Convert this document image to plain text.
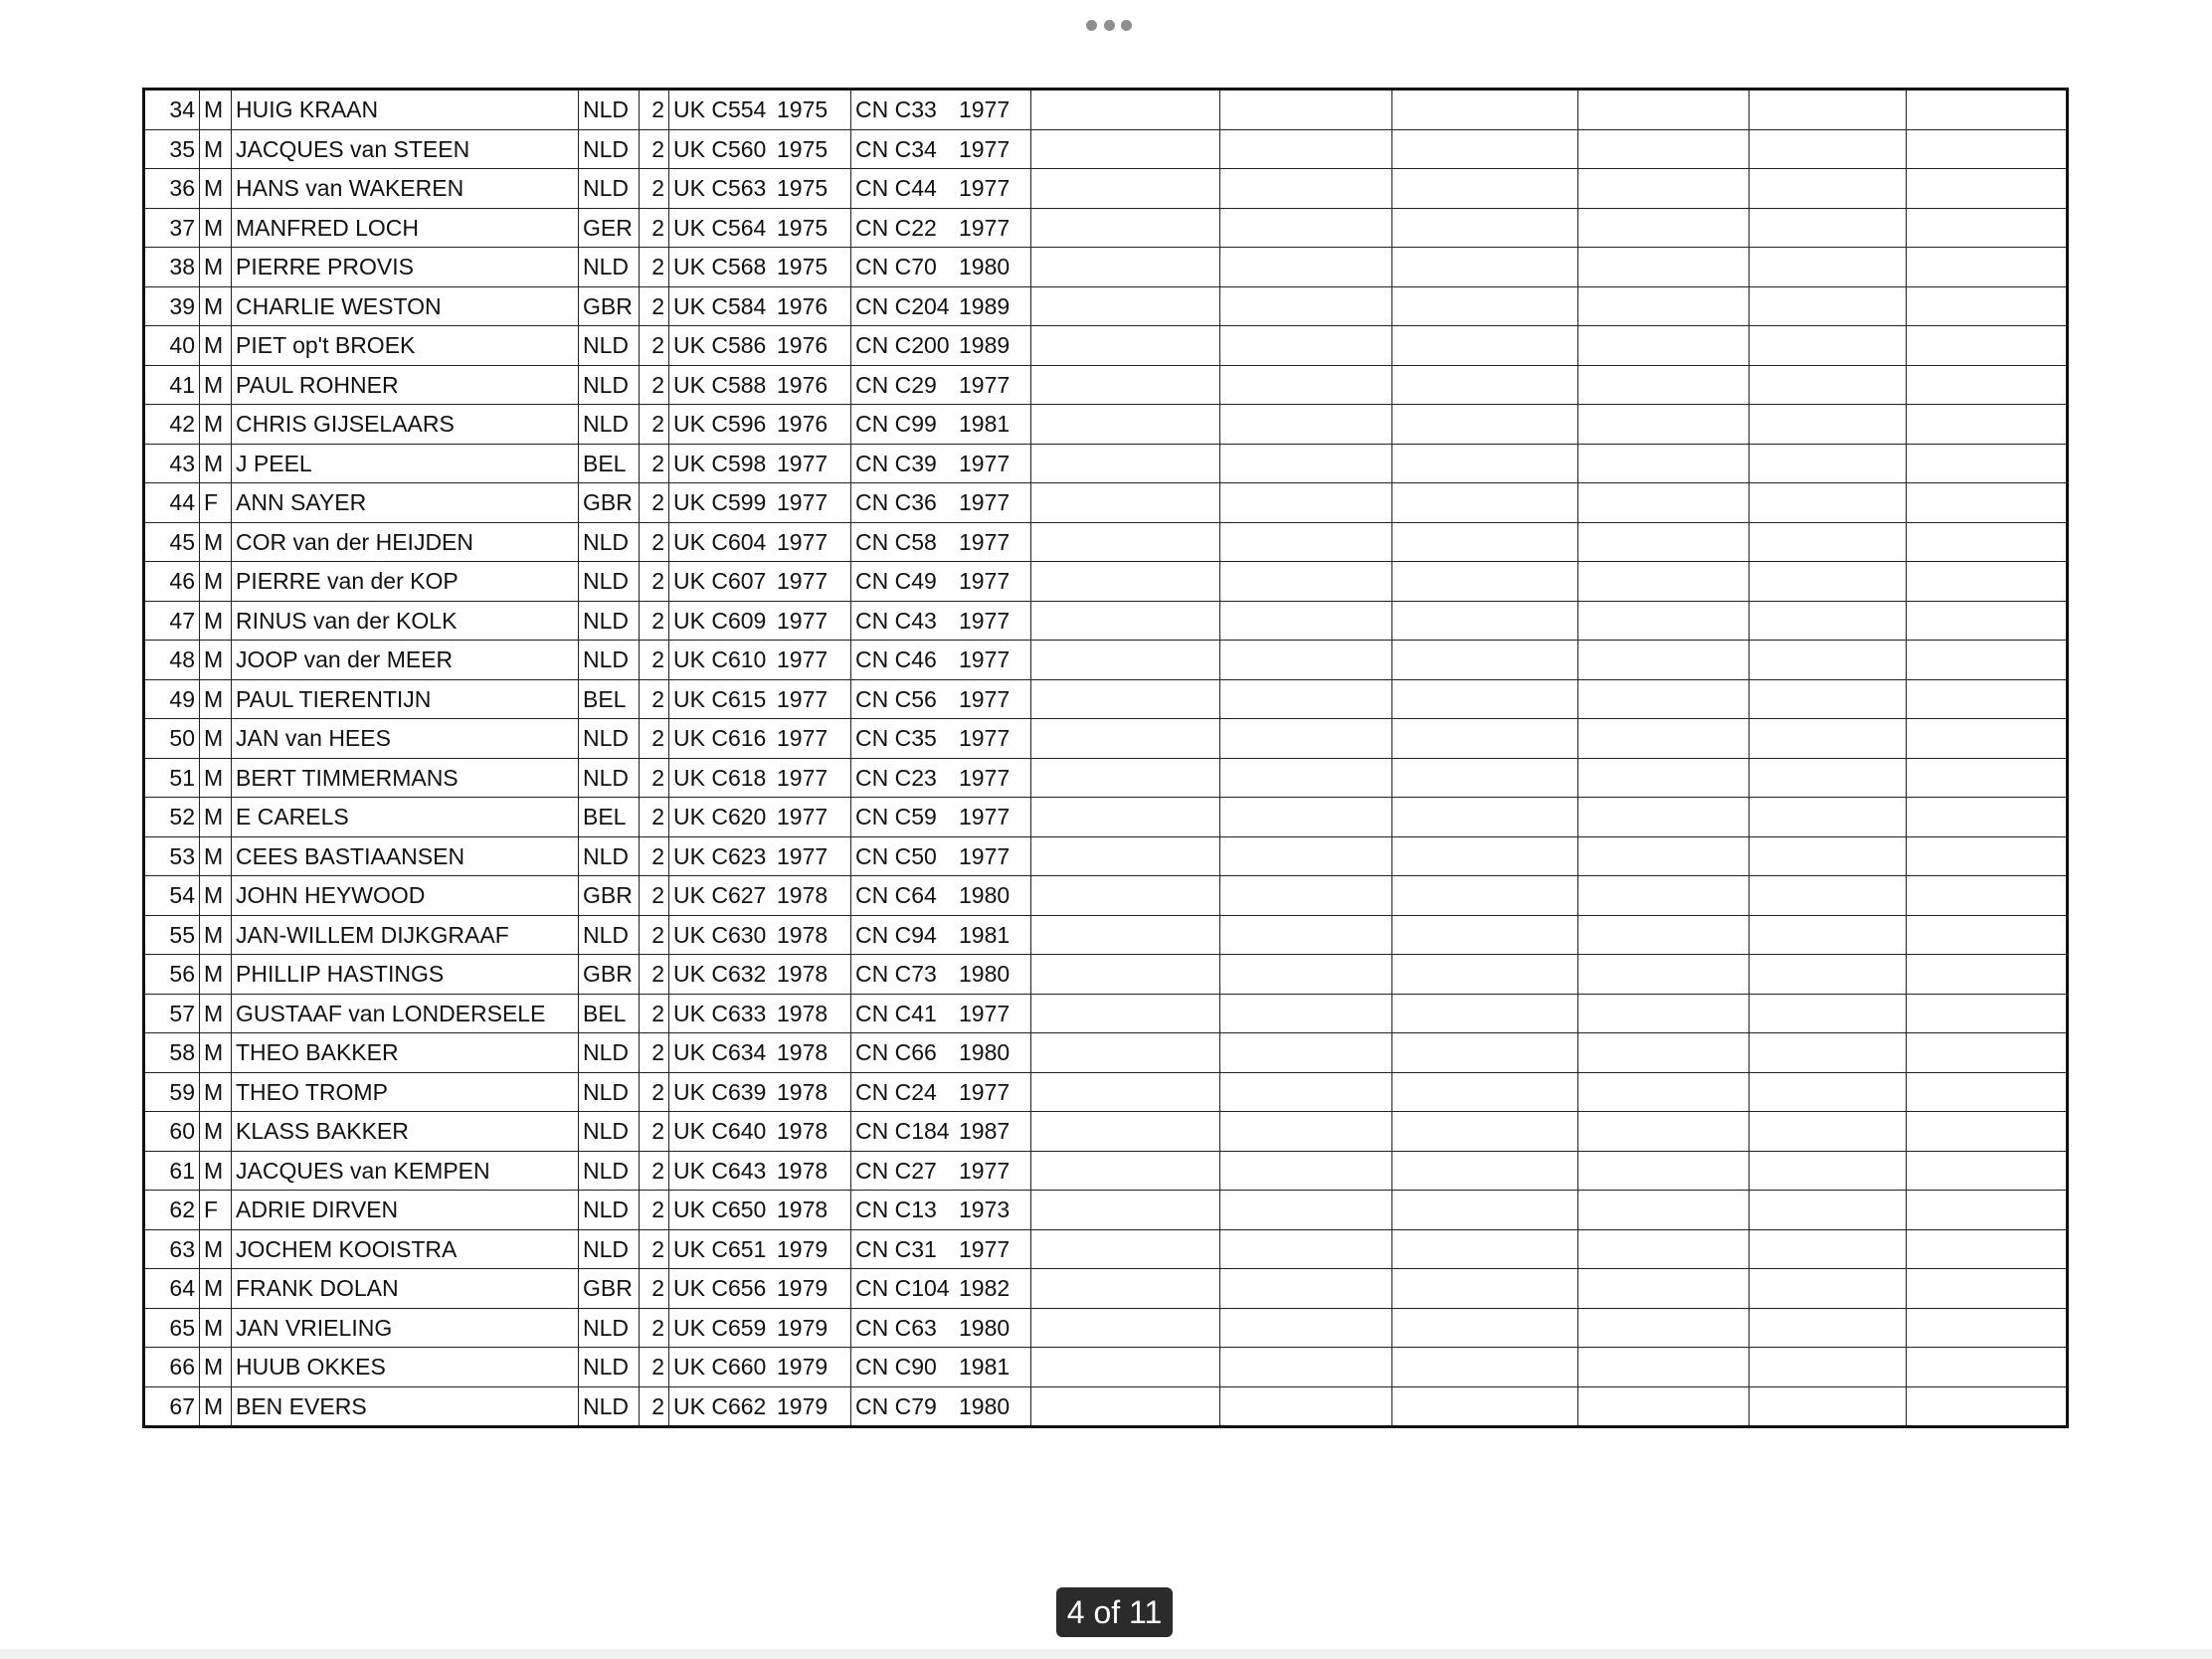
34	M	HUIG KRAAN	NLD	2	UK C554 1975	CN C33 1977						
35	M	JACQUES van STEEN	NLD	2	UK C560 1975	CN C34 1977						
36	M	HANS van WAKEREN	NLD	2	UK C563 1975	CN C44 1977						
37	M	MANFRED LOCH	GER	2	UK C564 1975	CN C22 1977						
38	M	PIERRE PROVIS	NLD	2	UK C568 1975	CN C70 1980						
39	M	CHARLIE WESTON	GBR	2	UK C584 1976	CN C204 1989						
40	M	PIET op't BROEK	NLD	2	UK C586 1976	CN C200 1989						
41	M	PAUL ROHNER	NLD	2	UK C588 1976	CN C29 1977						
42	M	CHRIS GIJSELAARS	NLD	2	UK C596 1976	CN C99 1981						
43	M	J PEEL	BEL	2	UK C598 1977	CN C39 1977						
44	F	ANN SAYER	GBR	2	UK C599 1977	CN C36 1977						
45	M	COR van der HEIJDEN	NLD	2	UK C604 1977	CN C58 1977						
46	M	PIERRE van der KOP	NLD	2	UK C607 1977	CN C49 1977						
47	M	RINUS van der KOLK	NLD	2	UK C609 1977	CN C43 1977						
48	M	JOOP van der MEER	NLD	2	UK C610 1977	CN C46 1977						
49	M	PAUL TIERENTIJN	BEL	2	UK C615 1977	CN C56 1977						
50	M	JAN van HEES	NLD	2	UK C616 1977	CN C35 1977						
51	M	BERT TIMMERMANS	NLD	2	UK C618 1977	CN C23 1977						
52	M	E CARELS	BEL	2	UK C620 1977	CN C59 1977						
53	M	CEES BASTIAANSEN	NLD	2	UK C623 1977	CN C50 1977						
54	M	JOHN HEYWOOD	GBR	2	UK C627 1978	CN C64 1980						
55	M	JAN-WILLEM DIJKGRAAF	NLD	2	UK C630 1978	CN C94 1981						
56	M	PHILLIP HASTINGS	GBR	2	UK C632 1978	CN C73 1980						
57	M	GUSTAAF van LONDERSELE	BEL	2	UK C633 1978	CN C41 1977						
58	M	THEO BAKKER	NLD	2	UK C634 1978	CN C66 1980						
59	M	THEO TROMP	NLD	2	UK C639 1978	CN C24 1977						
60	M	KLASS BAKKER	NLD	2	UK C640 1978	CN C184 1987						
61	M	JACQUES van KEMPEN	NLD	2	UK C643 1978	CN C27 1977						
62	F	ADRIE DIRVEN	NLD	2	UK C650 1978	CN C13 1973						
63	M	JOCHEM KOOISTRA	NLD	2	UK C651 1979	CN C31 1977						
64	M	FRANK DOLAN	GBR	2	UK C656 1979	CN C104 1982						
65	M	JAN VRIELING	NLD	2	UK C659 1979	CN C63 1980						
66	M	HUUB OKKES	NLD	2	UK C660 1979	CN C90 1981						
67	M	BEN EVERS	NLD	2	UK C662 1979	CN C79 1980						
4 of 11
